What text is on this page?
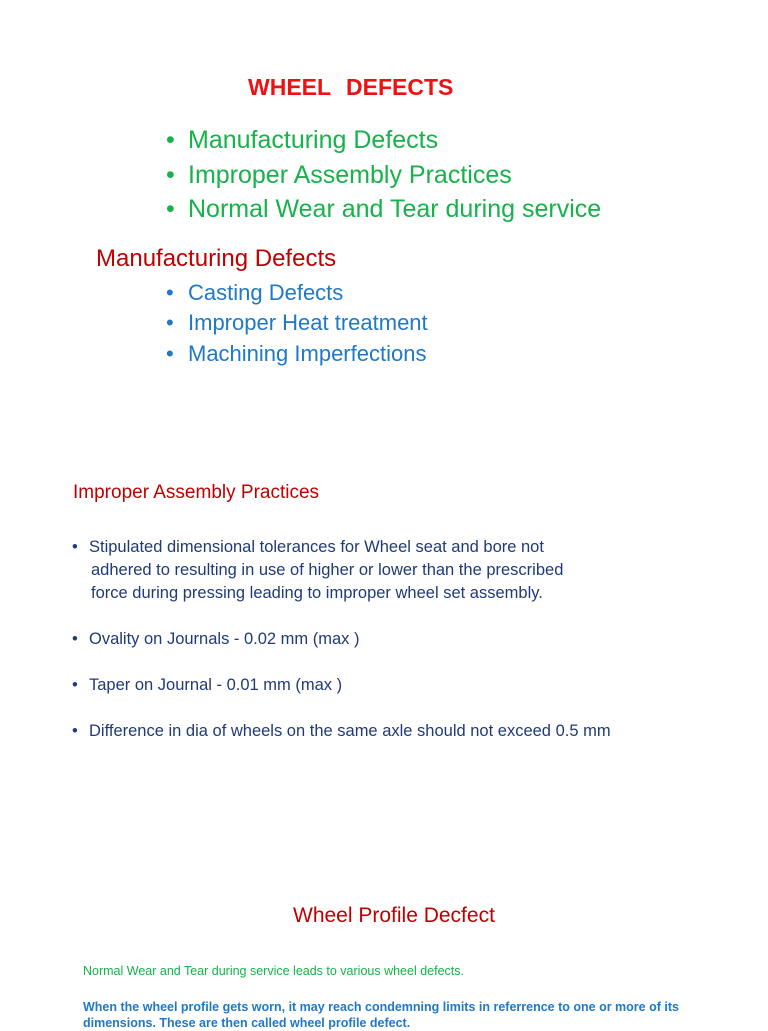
WHEEL DEFECTS
• Manufacturing Defects
• Improper Assembly Practices
• Normal Wear and Tear during service
Manufacturing Defects
• Casting Defects
• Improper Heat treatment
• Machining Imperfections
Improper Assembly Practices
• Stipulated dimensional tolerances for Wheel seat and bore not
adhered to resulting in use of higher or lower than the prescribed
force during pressing leading to improper wheel set assembly.
• Ovality on Journals - 0.02 mm (max )
• Taper on Journal - 0.01 mm (max )
• Difference in dia of wheels on the same axle should not exceed 0.5 mm
Wheel Profile Decfect
Normal Wear and Tear during service leads to various wheel defects.
When the wheel profile gets worn, it may reach condemning limits in referrence to one or more of its dimensions. These are then called wheel profile defect.
